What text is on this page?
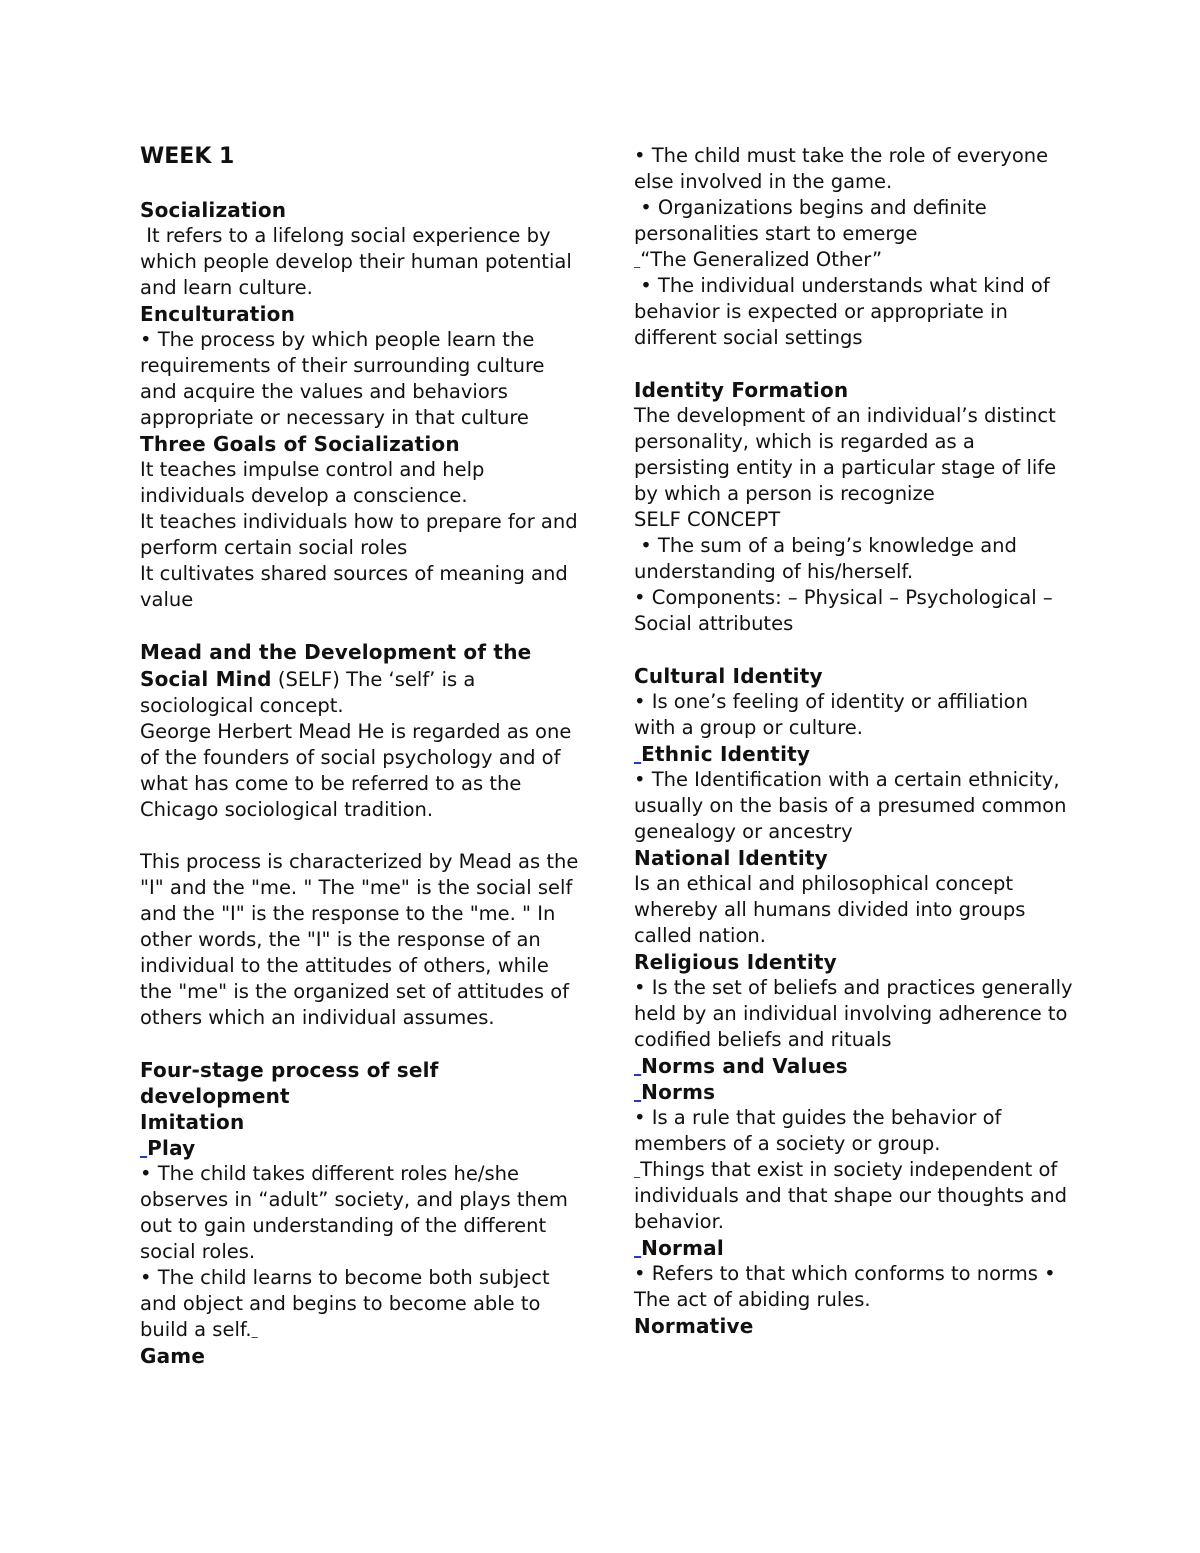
WEEK 1
Socialization
It refers to a lifelong social experience by which people develop their human potential and learn culture.
Enculturation
• The process by which people learn the requirements of their surrounding culture and acquire the values and behaviors appropriate or necessary in that culture
Three Goals of Socialization
It teaches impulse control and help individuals develop a conscience.
It teaches individuals how to prepare for and perform certain social roles
It cultivates shared sources of meaning and value
Mead and the Development of the Social Mind (SELF) The ‘self’ is a sociological concept.
George Herbert Mead He is regarded as one of the founders of social psychology and of what has come to be referred to as the Chicago sociological tradition.
This process is characterized by Mead as the "I" and the "me. " The "me" is the social self and the "I" is the response to the "me. " In other words, the "I" is the response of an individual to the attitudes of others, while the "me" is the organized set of attitudes of others which an individual assumes.
Four-stage process of self development
Imitation
Play
• The child takes different roles he/she observes in “adult” society, and plays them out to gain understanding of the different social roles.
• The child learns to become both subject and object and begins to become able to build a self.
Game
• The child must take the role of everyone else involved in the game.
• Organizations begins and definite personalities start to emerge
“The Generalized Other”
• The individual understands what kind of behavior is expected or appropriate in different social settings
Identity Formation
The development of an individual’s distinct personality, which is regarded as a persisting entity in a particular stage of life by which a person is recognize
SELF CONCEPT
• The sum of a being’s knowledge and understanding of his/herself.
• Components: – Physical – Psychological – Social attributes
Cultural Identity
• Is one’s feeling of identity or affiliation with a group or culture.
Ethnic Identity
• The Identification with a certain ethnicity, usually on the basis of a presumed common genealogy or ancestry
National Identity
Is an ethical and philosophical concept whereby all humans divided into groups called nation.
Religious Identity
• Is the set of beliefs and practices generally held by an individual involving adherence to codified beliefs and rituals
Norms and Values
Norms
• Is a rule that guides the behavior of members of a society or group.
Things that exist in society independent of individuals and that shape our thoughts and behavior.
Normal
• Refers to that which conforms to norms • The act of abiding rules.
Normative
